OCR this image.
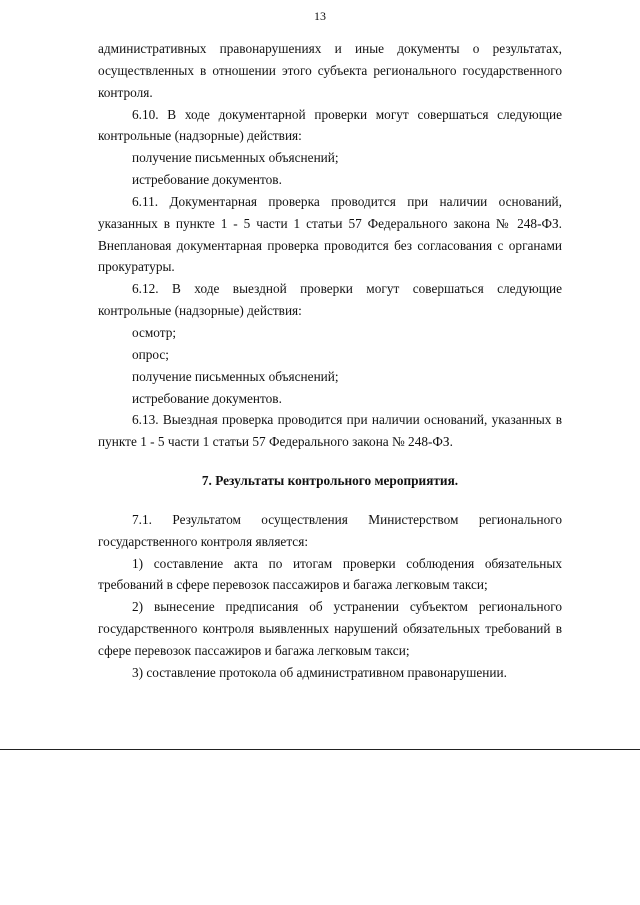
13

административных правонарушениях и иные документы о результатах, осуществленных в отношении этого субъекта регионального государственного контроля.

6.10. В ходе документарной проверки могут совершаться следующие контрольные (надзорные) действия:

получение письменных объяснений;

истребование документов.

6.11. Документарная проверка проводится при наличии оснований, указанных в пункте 1 - 5 части 1 статьи 57 Федерального закона № 248-ФЗ. Внеплановая документарная проверка проводится без согласования с органами прокуратуры.

6.12. В ходе выездной проверки могут совершаться следующие контрольные (надзорные) действия:

осмотр;

опрос;

получение письменных объяснений;

истребование документов.

6.13. Выездная проверка проводится при наличии оснований, указанных в пункте 1 - 5 части 1 статьи 57 Федерального закона № 248-ФЗ.

7. Результаты контрольного мероприятия.

7.1. Результатом осуществления Министерством регионального государственного контроля является:

1) составление акта по итогам проверки соблюдения обязательных требований в сфере перевозок пассажиров и багажа легковым такси;

2) вынесение предписания об устранении субъектом регионального государственного контроля выявленных нарушений обязательных требований в сфере перевозок пассажиров и багажа легковым такси;

3) составление протокола об административном правонарушении.
